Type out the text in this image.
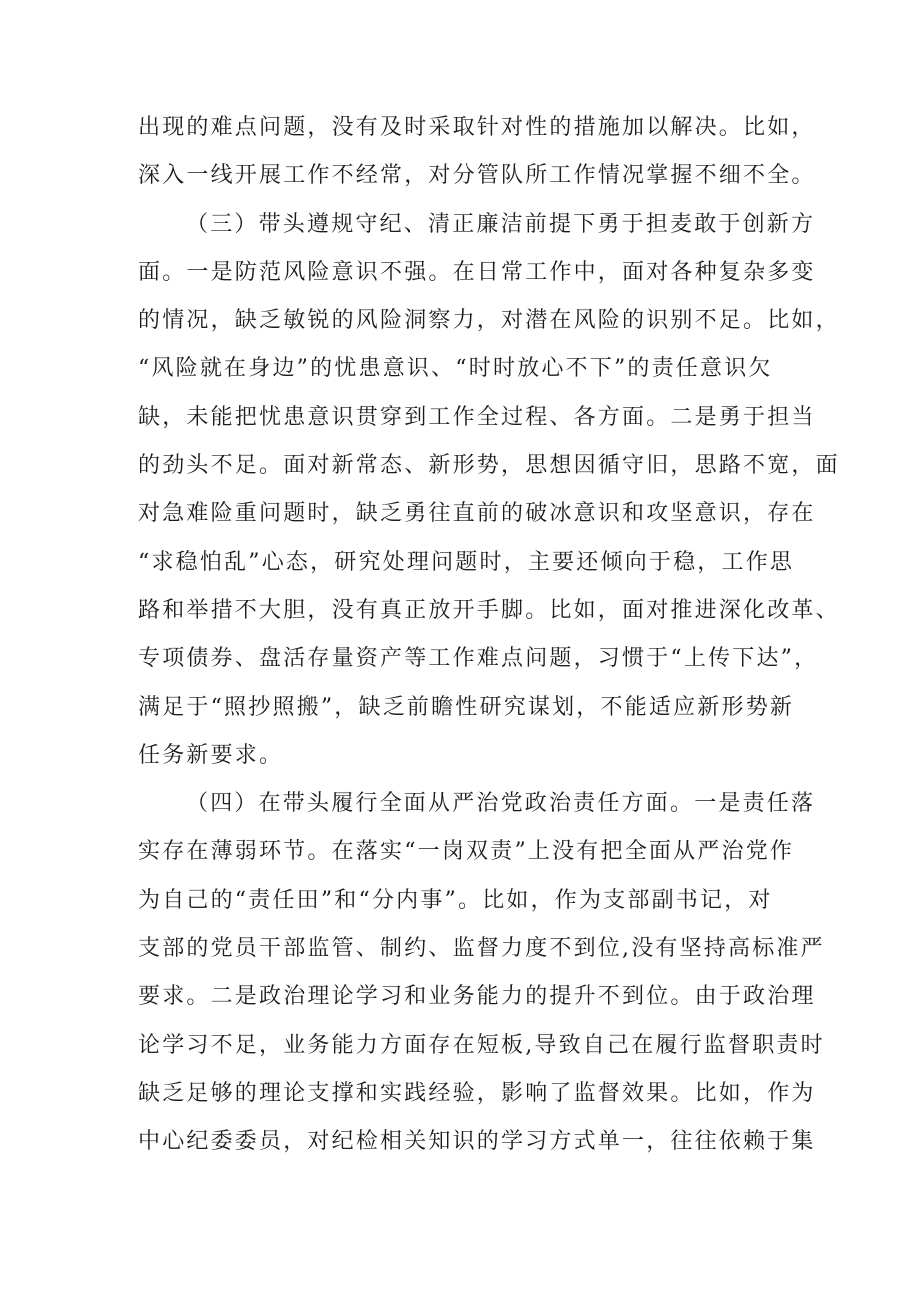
出现的难点问题，没有及时采取针对性的措施加以解决。比如，
深入一线开展工作不经常，对分管队所工作情况掌握不细不全。
（三）带头遵规守纪、清正廉洁前提下勇于担麦敢于创新方
面。一是防范风险意识不强。在日常工作中，面对各种复杂多变
的情况，缺乏敏锐的风险洞察力，对潜在风险的识别不足。比如，
“风险就在身边”的忧患意识、“时时放心不下”的责任意识欠
缺，未能把忧患意识贯穿到工作全过程、各方面。二是勇于担当
的劲头不足。面对新常态、新形势，思想因循守旧，思路不宽，面
对急难险重问题时，缺乏勇往直前的破冰意识和攻坚意识，存在
“求稳怕乱”心态，研究处理问题时，主要还倾向于稳，工作思
路和举措不大胆，没有真正放开手脚。比如，面对推进深化改革、
专项债券、盘活存量资产等工作难点问题，习惯于“上传下达”，
满足于“照抄照搬”，缺乏前瞻性研究谋划，不能适应新形势新
任务新要求。
（四）在带头履行全面从严治党政治责任方面。一是责任落
实存在薄弱环节。在落实“一岗双责”上没有把全面从严治党作
为自己的“责任田”和“分内事”。比如，作为支部副书记，对
支部的党员干部监管、制约、监督力度不到位,没有坚持高标准严
要求。二是政治理论学习和业务能力的提升不到位。由于政治理
论学习不足，业务能力方面存在短板,导致自己在履行监督职责时
缺乏足够的理论支撑和实践经验，影响了监督效果。比如，作为
中心纪委委员，对纪检相关知识的学习方式单一，往往依赖于集
